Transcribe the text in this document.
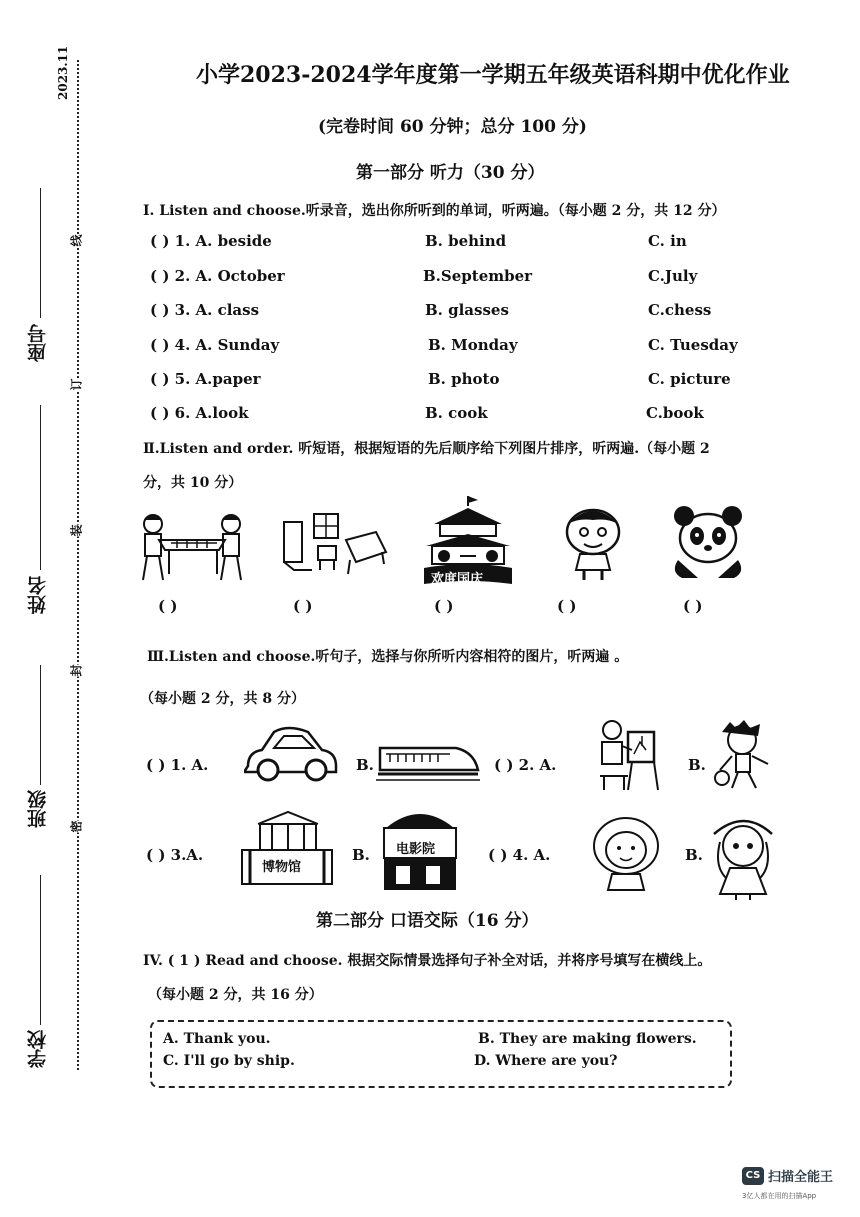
2023.11
线
订
装
封
密
座号
姓名
班级
学校
小学2023-2024学年度第一学期五年级英语科期中优化作业
(完卷时间 60 分钟；总分 100 分)
第一部分 听力（30 分）
I. Listen and choose.听录音，选出你所听到的单词，听两遍。（每小题 2 分，共 12 分）
( ) 1. A. beside	B. behind	C. in
( ) 2. A. October	B.September	C.July
( ) 3. A. class	B. glasses	C.chess
( ) 4. A. Sunday	B. Monday	C. Tuesday
( ) 5. A.paper	B. photo	C. picture
( ) 6. A.look	B. cook	C.book
Ⅱ.Listen and order. 听短语，根据短语的先后顺序给下列图片排序，听两遍.（每小题 2
分，共 10 分）
欢度国庆
( )	( )	( )	( )	( )
Ⅲ.Listen and choose.听句子，选择与你所听内容相符的图片，听两遍 。
（每小题 2 分，共 8 分）
( ) 1. A.	B.	( ) 2. A.	B.
( ) 3.A.
博物馆
B. 电影院	( ) 4. A.	B.
第二部分 口语交际（16 分）
IV. ( 1 ) Read and choose. 根据交际情景选择句子补全对话，并将序号填写在横线上。
（每小题 2 分，共 16 分）
A. Thank you.	B. They are making flowers.
C. I'll go by ship.	D. Where are you?
CS 扫描全能王
3亿人都在用的扫描App
